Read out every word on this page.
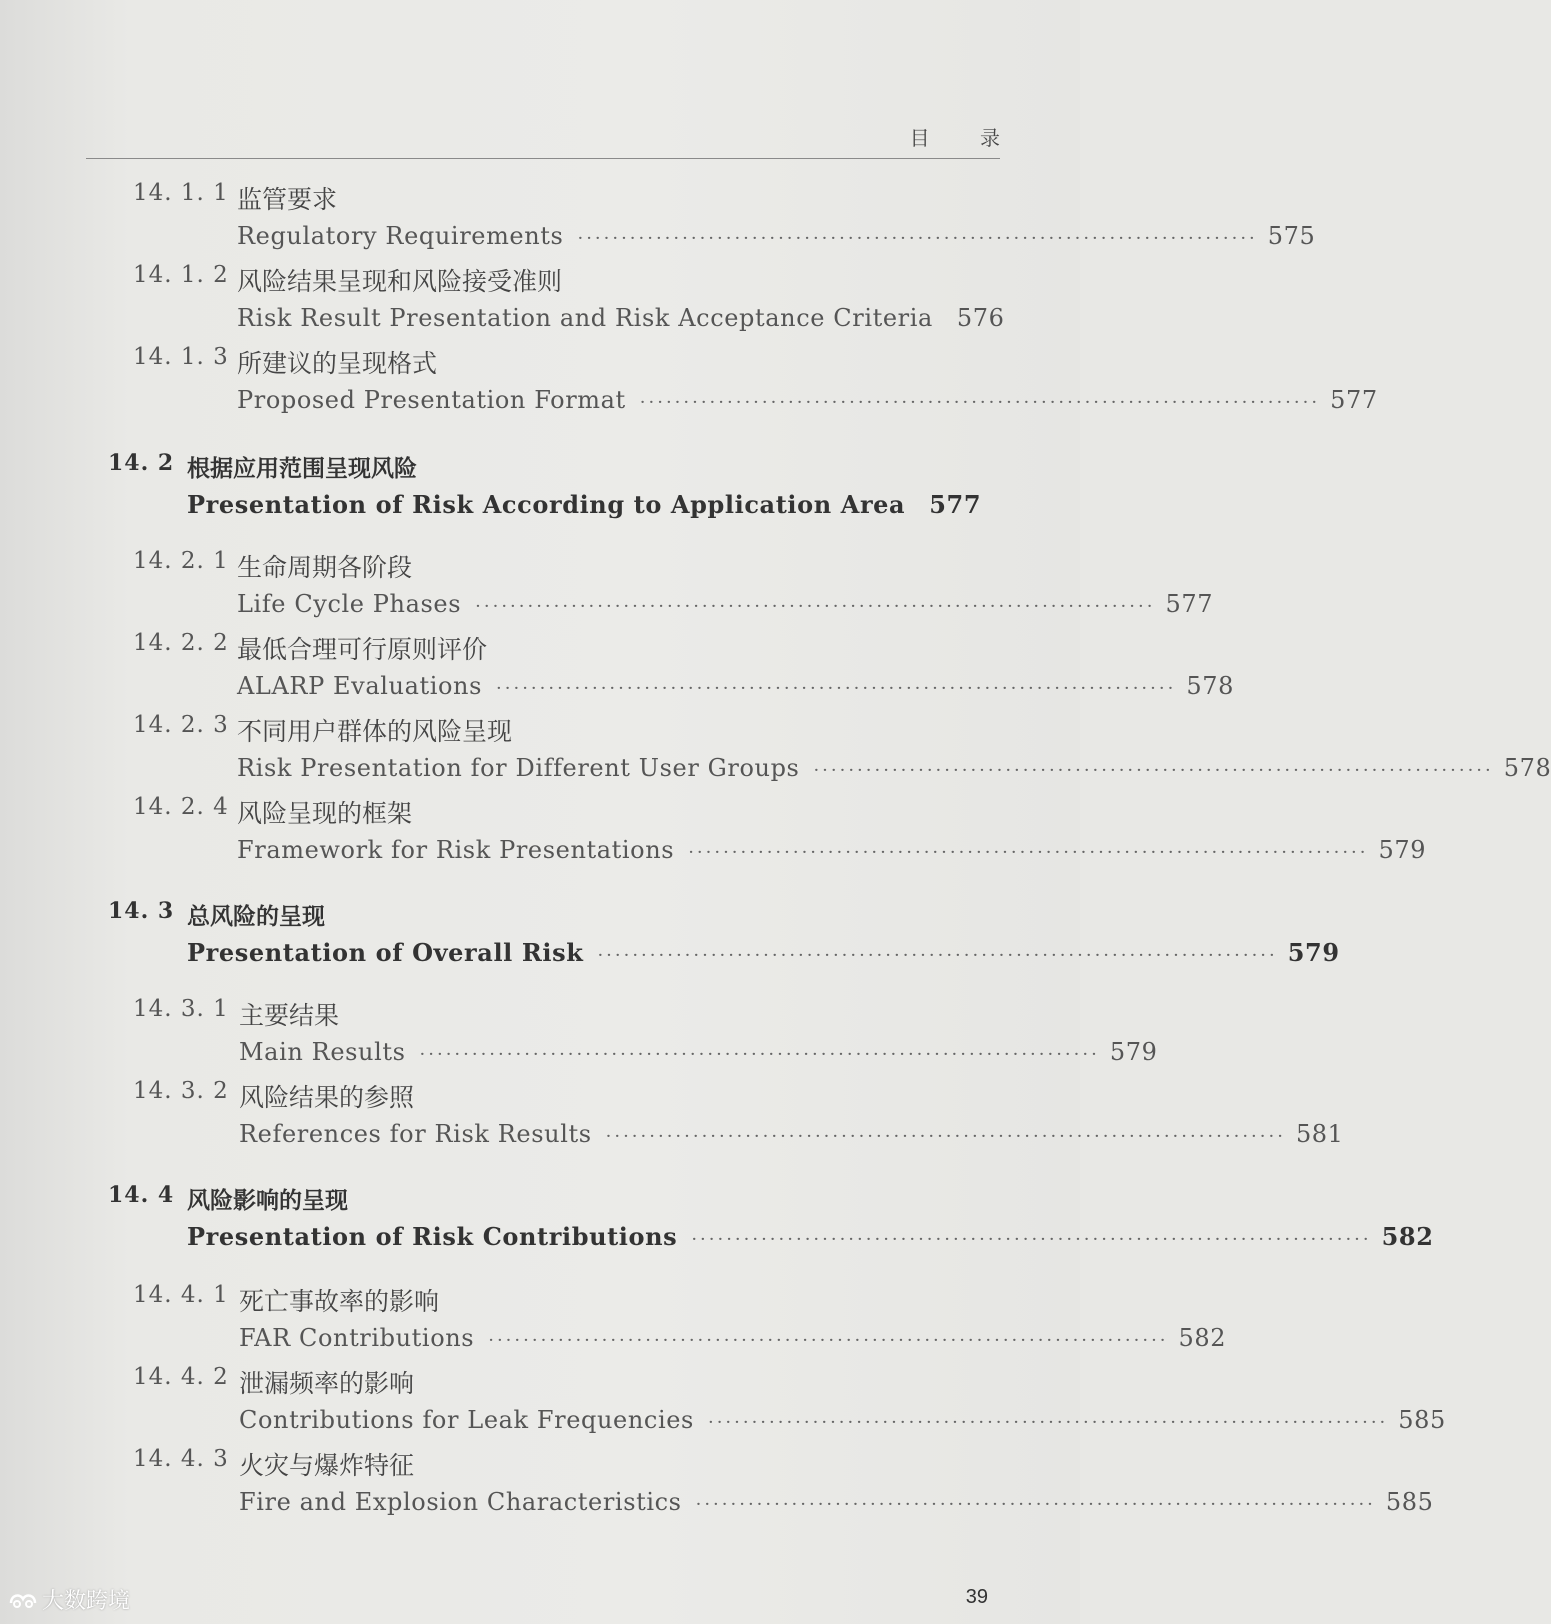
目 录
14. 1. 1 监管要求
Regulatory Requirements ·············································································· 575
14. 1. 2 风险结果呈现和风险接受准则
Risk Result Presentation and Risk Acceptance Criteria 576
14. 1. 3 所建议的呈现格式
Proposed Presentation Format ·············································································· 577
14. 2 根据应用范围呈现风险
Presentation of Risk According to Application Area 577
14. 2. 1 生命周期各阶段
Life Cycle Phases ·············································································· 577
14. 2. 2 最低合理可行原则评价
ALARP Evaluations ·············································································· 578
14. 2. 3 不同用户群体的风险呈现
Risk Presentation for Different User Groups ·············································································· 578
14. 2. 4 风险呈现的框架
Framework for Risk Presentations ·············································································· 579
14. 3 总风险的呈现
Presentation of Overall Risk ·············································································· 579
14. 3. 1 主要结果
Main Results ·············································································· 579
14. 3. 2 风险结果的参照
References for Risk Results ·············································································· 581
14. 4 风险影响的呈现
Presentation of Risk Contributions ·············································································· 582
14. 4. 1 死亡事故率的影响
FAR Contributions ·············································································· 582
14. 4. 2 泄漏频率的影响
Contributions for Leak Frequencies ·············································································· 585
14. 4. 3 火灾与爆炸特征
Fire and Explosion Characteristics ·············································································· 585
39
大数跨境
